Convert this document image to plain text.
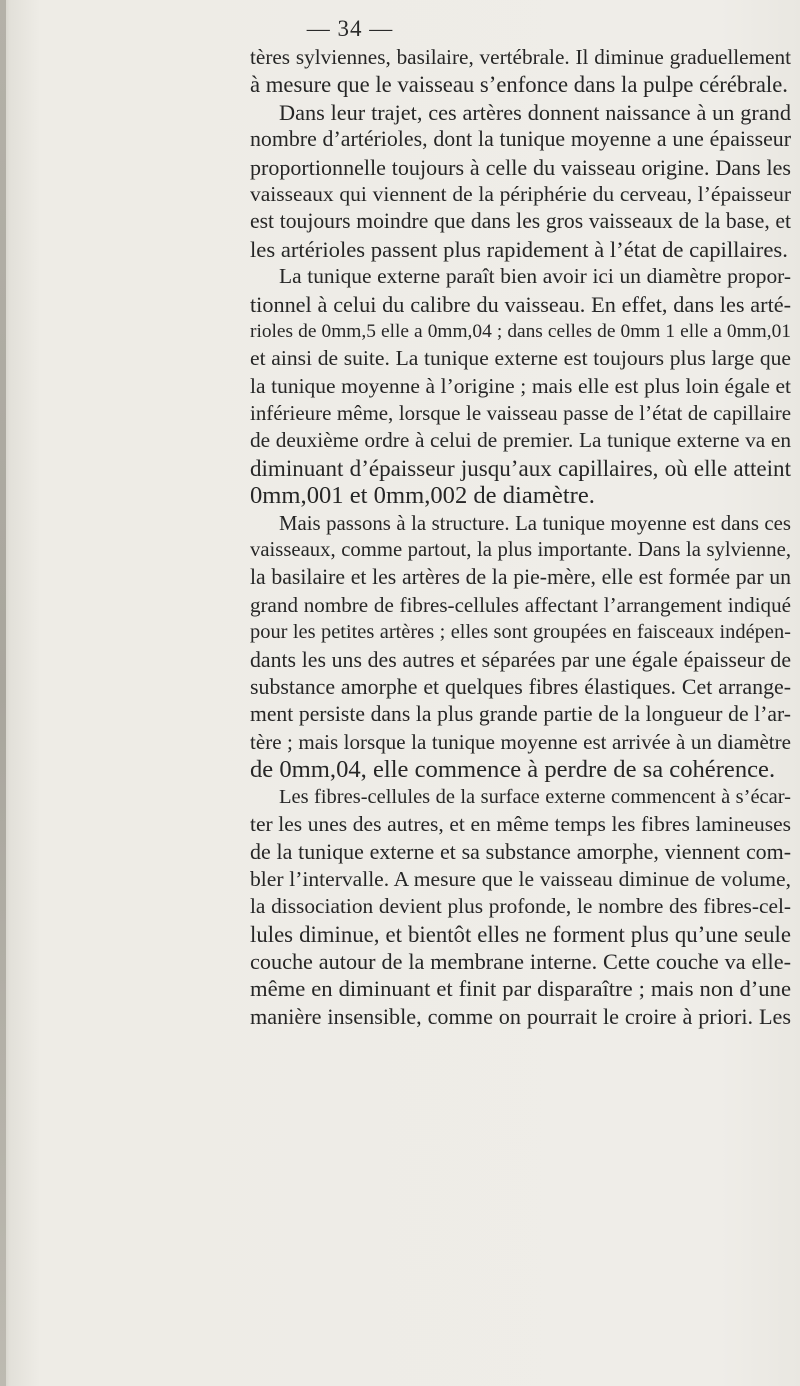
— 34 —
tères sylviennes, basilaire, vertébrale. Il diminue graduellement
à mesure que le vaisseau s’enfonce dans la pulpe cérébrale.
Dans leur trajet, ces artères donnent naissance à un grand
nombre d’artérioles, dont la tunique moyenne a une épaisseur
proportionnelle toujours à celle du vaisseau origine. Dans les
vaisseaux qui viennent de la périphérie du cerveau, l’épaisseur
est toujours moindre que dans les gros vaisseaux de la base, et
les artérioles passent plus rapidement à l’état de capillaires.
La tunique externe paraît bien avoir ici un diamètre propor-
tionnel à celui du calibre du vaisseau. En effet, dans les arté-
rioles de 0mm,5 elle a 0mm,04 ; dans celles de 0mm 1 elle a 0mm,01
et ainsi de suite. La tunique externe est toujours plus large que
la tunique moyenne à l’origine ; mais elle est plus loin égale et
inférieure même, lorsque le vaisseau passe de l’état de capillaire
de deuxième ordre à celui de premier. La tunique externe va en
diminuant d’épaisseur jusqu’aux capillaires, où elle atteint
0mm,001 et 0mm,002 de diamètre.
Mais passons à la structure. La tunique moyenne est dans ces
vaisseaux, comme partout, la plus importante. Dans la sylvienne,
la basilaire et les artères de la pie-mère, elle est formée par un
grand nombre de fibres-cellules affectant l’arrangement indiqué
pour les petites artères ; elles sont groupées en faisceaux indépen-
dants les uns des autres et séparées par une égale épaisseur de
substance amorphe et quelques fibres élastiques. Cet arrange-
ment persiste dans la plus grande partie de la longueur de l’ar-
tère ; mais lorsque la tunique moyenne est arrivée à un diamètre
de 0mm,04, elle commence à perdre de sa cohérence.
Les fibres-cellules de la surface externe commencent à s’écar-
ter les unes des autres, et en même temps les fibres lamineuses
de la tunique externe et sa substance amorphe, viennent com-
bler l’intervalle. A mesure que le vaisseau diminue de volume,
la dissociation devient plus profonde, le nombre des fibres-cel-
lules diminue, et bientôt elles ne forment plus qu’une seule
couche autour de la membrane interne. Cette couche va elle-
même en diminuant et finit par disparaître ; mais non d’une
manière insensible, comme on pourrait le croire à priori. Les
